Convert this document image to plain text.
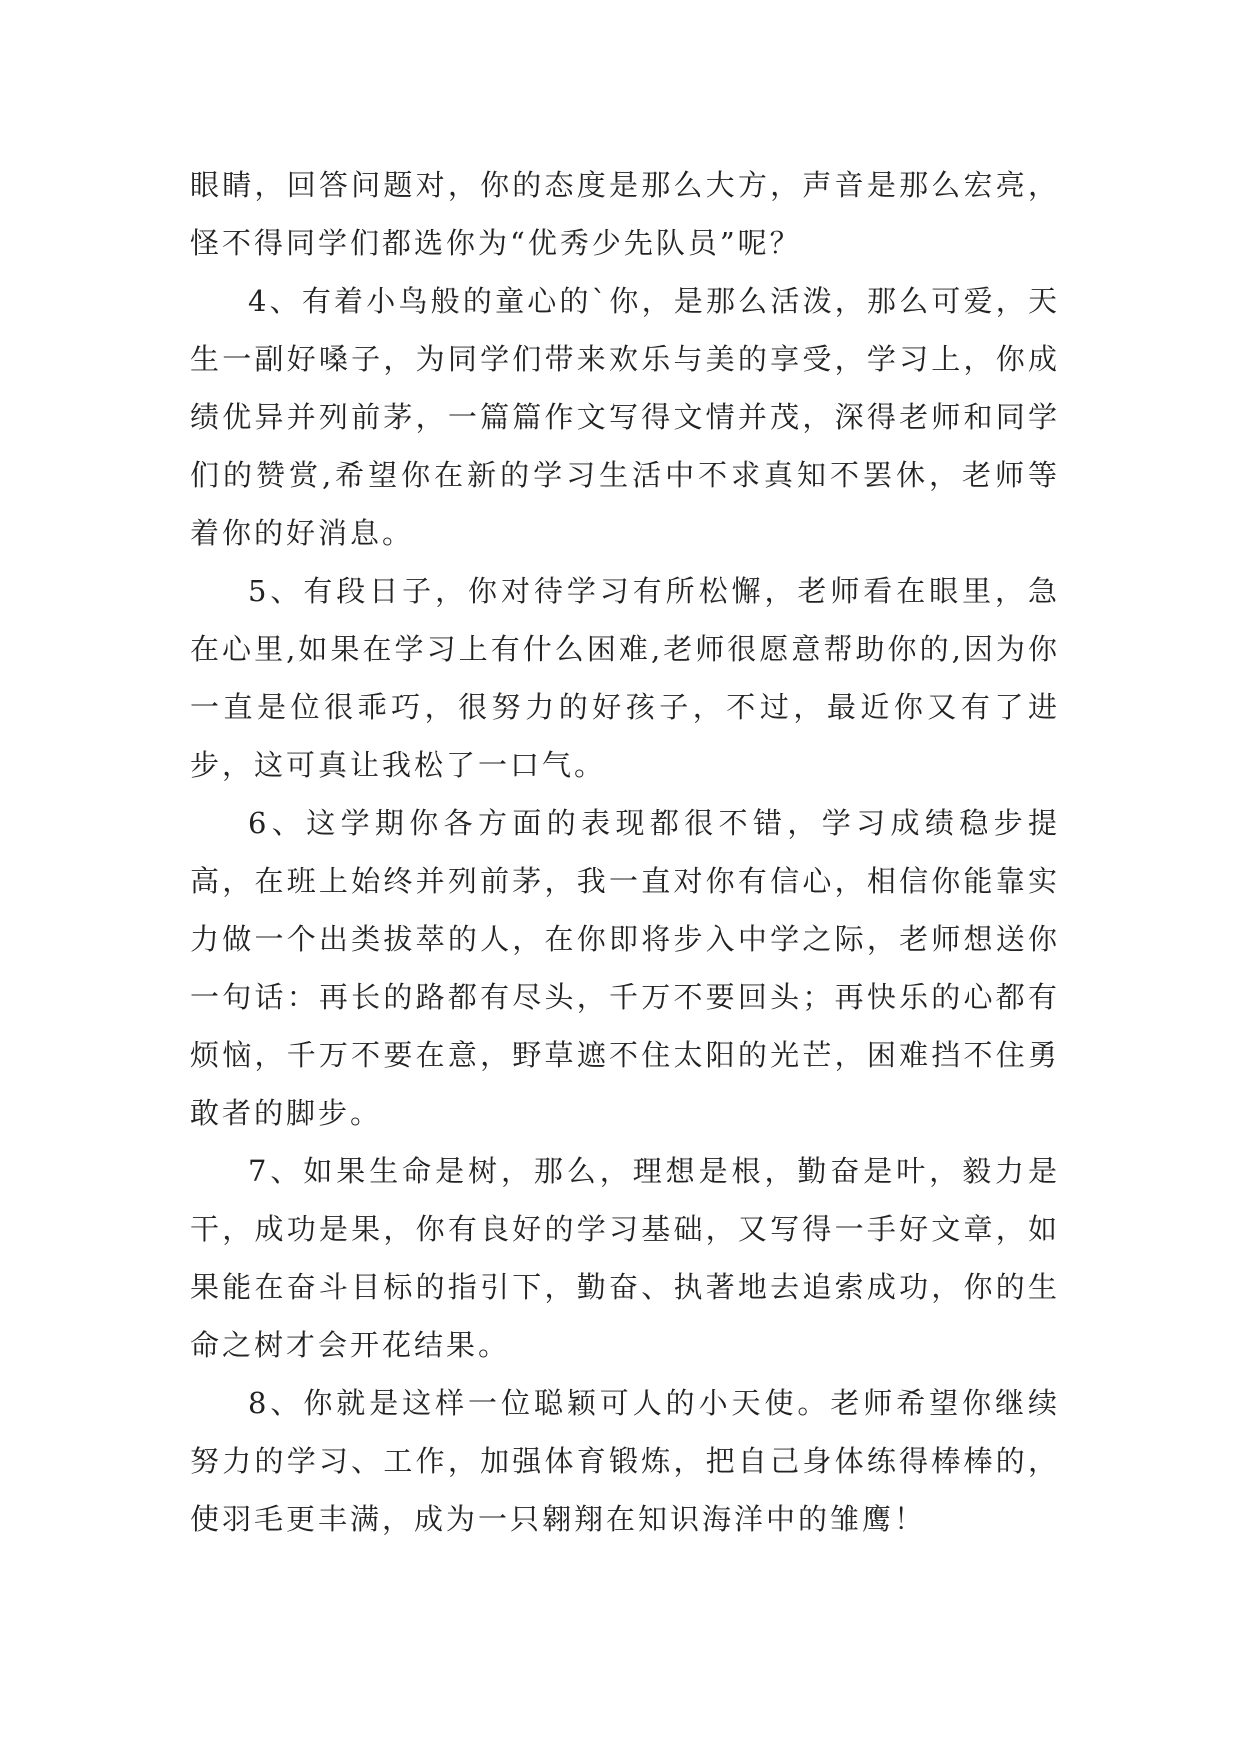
眼睛，回答问题对，你的态度是那么大方，声音是那么宏亮，怪不得同学们都选你为“优秀少先队员”呢？

4、有着小鸟般的童心的`你，是那么活泼，那么可爱，天生一副好嗓子，为同学们带来欢乐与美的享受，学习上，你成绩优异并列前茅，一篇篇作文写得文情并茂，深得老师和同学们的赞赏,希望你在新的学习生活中不求真知不罢休，老师等着你的好消息。

5、有段日子，你对待学习有所松懈，老师看在眼里，急在心里,如果在学习上有什么困难,老师很愿意帮助你的,因为你一直是位很乖巧，很努力的好孩子，不过，最近你又有了进步，这可真让我松了一口气。

6、这学期你各方面的表现都很不错，学习成绩稳步提高，在班上始终并列前茅，我一直对你有信心，相信你能靠实力做一个出类拔萃的人，在你即将步入中学之际，老师想送你一句话：再长的路都有尽头，千万不要回头；再快乐的心都有烦恼，千万不要在意，野草遮不住太阳的光芒，困难挡不住勇敢者的脚步。

7、如果生命是树，那么，理想是根，勤奋是叶，毅力是干，成功是果，你有良好的学习基础，又写得一手好文章，如果能在奋斗目标的指引下，勤奋、执著地去追索成功，你的生命之树才会开花结果。

8、你就是这样一位聪颖可人的小天使。老师希望你继续努力的学习、工作，加强体育锻炼，把自己身体练得棒棒的，使羽毛更丰满，成为一只翱翔在知识海洋中的雏鹰！
